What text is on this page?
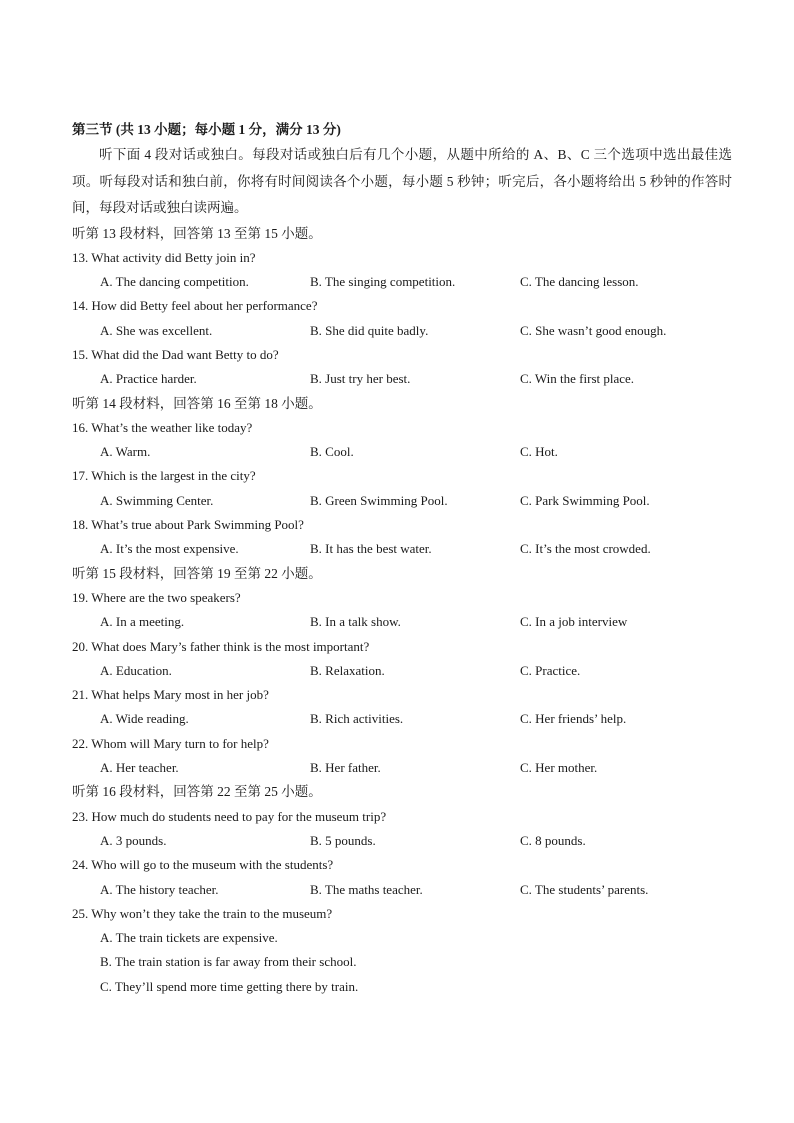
第三节 (共 13 小题；每小题 1 分，满分 13 分)

听下面 4 段对话或独白。每段对话或独白后有几个小题，从题中所给的 A、B、C 三个选项中选出最佳选项。听每段对话和独白前，你将有时间阅读各个小题，每小题 5 秒钟；听完后，各小题将给出 5 秒钟的作答时间，每段对话或独白读两遍。

听第 13 段材料，回答第 13 至第 15 小题。
13. What activity did Betty join in?
A. The dancing competition.	B. The singing competition.	C. The dancing lesson.
14. How did Betty feel about her performance?
A. She was excellent.	B. She did quite badly.	C. She wasn’t good enough.
15. What did the Dad want Betty to do?
A. Practice harder.	B. Just try her best.	C. Win the first place.
听第 14 段材料，回答第 16 至第 18 小题。
16. What’s the weather like today?
A. Warm.	B. Cool.	C. Hot.
17. Which is the largest in the city?
A. Swimming Center.	B. Green Swimming Pool.	C. Park Swimming Pool.
18. What’s true about Park Swimming Pool?
A. It’s the most expensive.	B. It has the best water.	C. It’s the most crowded.
听第 15 段材料，回答第 19 至第 22 小题。
19. Where are the two speakers?
A. In a meeting.	B. In a talk show.	C. In a job interview
20. What does Mary’s father think is the most important?
A. Education.	B. Relaxation.	C. Practice.
21. What helps Mary most in her job?
A. Wide reading.	B. Rich activities.	C. Her friends’ help.
22. Whom will Mary turn to for help?
A. Her teacher.	B. Her father.	C. Her mother.
听第 16 段材料，回答第 22 至第 25 小题。
23. How much do students need to pay for the museum trip?
A. 3 pounds.	B. 5 pounds.	C. 8 pounds.
24. Who will go to the museum with the students?
A. The history teacher.	B. The maths teacher.	C. The students’ parents.
25. Why won’t they take the train to the museum?
A. The train tickets are expensive.
B. The train station is far away from their school.
C. They’ll spend more time getting there by train.
